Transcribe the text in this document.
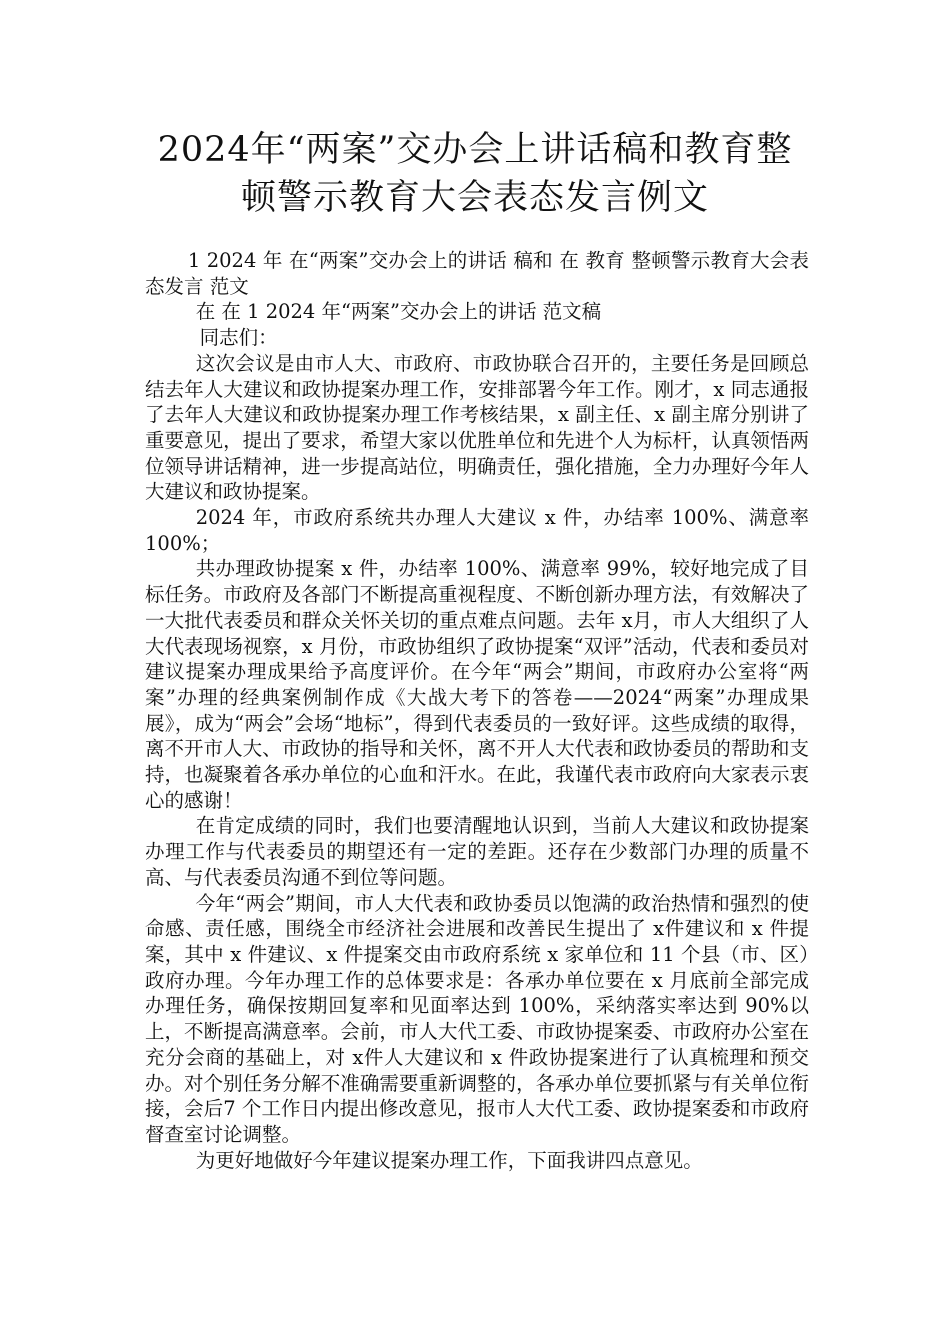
2024年“两案”交办会上讲话稿和教育整
顿警示教育大会表态发言例文

1 2024 年 在“两案”交办会上的讲话 稿和 在 教育 整顿警示教育大会表态发言 范文

在 在 1 2024 年“两案”交办会上的讲话 范文稿

同志们：

这次会议是由市人大、市政府、市政协联合召开的，主要任务是回顾总结去年人大建议和政协提案办理工作，安排部署今年工作。刚才，x 同志通报了去年人大建议和政协提案办理工作考核结果，x 副主任、x 副主席分别讲了重要意见，提出了要求，希望大家以优胜单位和先进个人为标杆，认真领悟两位领导讲话精神，进一步提高站位，明确责任，强化措施，全力办理好今年人大建议和政协提案。

2024 年，市政府系统共办理人大建议 x 件，办结率 100%、满意率 100%；

共办理政协提案 x 件，办结率 100%、满意率 99%，较好地完成了目标任务。市政府及各部门不断提高重视程度、不断创新办理方法，有效解决了一大批代表委员和群众关怀关切的重点难点问题。去年 x月，市人大组织了人大代表现场视察，x 月份，市政协组织了政协提案“双评”活动，代表和委员对建议提案办理成果给予高度评价。在今年“两会”期间，市政府办公室将“两案”办理的经典案例制作成《大战大考下的答卷——2024“两案”办理成果展》，成为“两会”会场“地标”，得到代表委员的一致好评。这些成绩的取得，离不开市人大、市政协的指导和关怀，离不开人大代表和政协委员的帮助和支持，也凝聚着各承办单位的心血和汗水。在此，我谨代表市政府向大家表示衷心的感谢！

在肯定成绩的同时，我们也要清醒地认识到，当前人大建议和政协提案办理工作与代表委员的期望还有一定的差距。还存在少数部门办理的质量不高、与代表委员沟通不到位等问题。

今年“两会”期间，市人大代表和政协委员以饱满的政治热情和强烈的使命感、责任感，围绕全市经济社会进展和改善民生提出了 x件建议和 x 件提案，其中 x 件建议、x 件提案交由市政府系统 x 家单位和 11 个县（市、区）政府办理。今年办理工作的总体要求是：各承办单位要在 x 月底前全部完成办理任务，确保按期回复率和见面率达到 100%，采纳落实率达到 90%以上，不断提高满意率。会前，市人大代工委、市政协提案委、市政府办公室在充分会商的基础上，对 x件人大建议和 x 件政协提案进行了认真梳理和预交办。对个别任务分解不准确需要重新调整的，各承办单位要抓紧与有关单位衔接，会后7 个工作日内提出修改意见，报市人大代工委、政协提案委和市政府督查室讨论调整。

为更好地做好今年建议提案办理工作，下面我讲四点意见。
